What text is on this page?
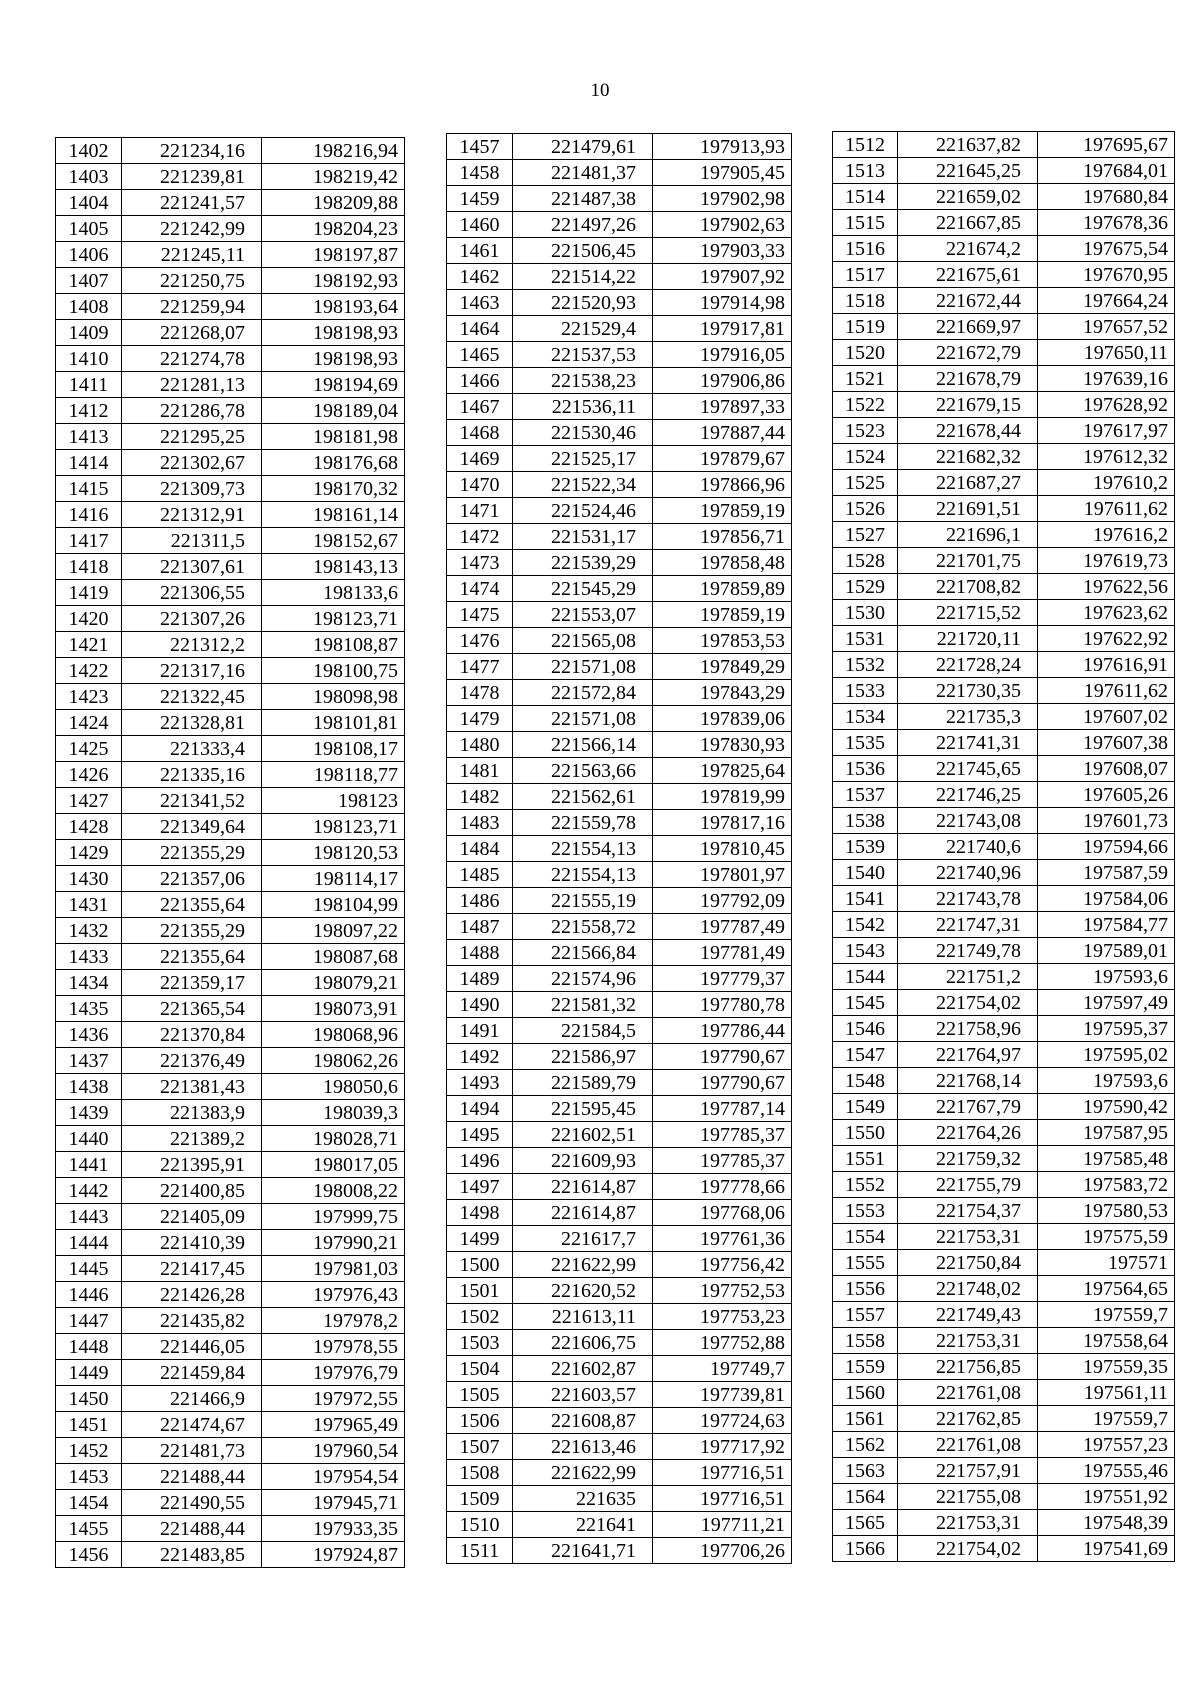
10
1402	221234,16	198216,94
1403	221239,81	198219,42
1404	221241,57	198209,88
1405	221242,99	198204,23
1406	221245,11	198197,87
1407	221250,75	198192,93
1408	221259,94	198193,64
1409	221268,07	198198,93
1410	221274,78	198198,93
1411	221281,13	198194,69
1412	221286,78	198189,04
1413	221295,25	198181,98
1414	221302,67	198176,68
1415	221309,73	198170,32
1416	221312,91	198161,14
1417	221311,5	198152,67
1418	221307,61	198143,13
1419	221306,55	198133,6
1420	221307,26	198123,71
1421	221312,2	198108,87
1422	221317,16	198100,75
1423	221322,45	198098,98
1424	221328,81	198101,81
1425	221333,4	198108,17
1426	221335,16	198118,77
1427	221341,52	198123
1428	221349,64	198123,71
1429	221355,29	198120,53
1430	221357,06	198114,17
1431	221355,64	198104,99
1432	221355,29	198097,22
1433	221355,64	198087,68
1434	221359,17	198079,21
1435	221365,54	198073,91
1436	221370,84	198068,96
1437	221376,49	198062,26
1438	221381,43	198050,6
1439	221383,9	198039,3
1440	221389,2	198028,71
1441	221395,91	198017,05
1442	221400,85	198008,22
1443	221405,09	197999,75
1444	221410,39	197990,21
1445	221417,45	197981,03
1446	221426,28	197976,43
1447	221435,82	197978,2
1448	221446,05	197978,55
1449	221459,84	197976,79
1450	221466,9	197972,55
1451	221474,67	197965,49
1452	221481,73	197960,54
1453	221488,44	197954,54
1454	221490,55	197945,71
1455	221488,44	197933,35
1456	221483,85	197924,87
1457	221479,61	197913,93
1458	221481,37	197905,45
1459	221487,38	197902,98
1460	221497,26	197902,63
1461	221506,45	197903,33
1462	221514,22	197907,92
1463	221520,93	197914,98
1464	221529,4	197917,81
1465	221537,53	197916,05
1466	221538,23	197906,86
1467	221536,11	197897,33
1468	221530,46	197887,44
1469	221525,17	197879,67
1470	221522,34	197866,96
1471	221524,46	197859,19
1472	221531,17	197856,71
1473	221539,29	197858,48
1474	221545,29	197859,89
1475	221553,07	197859,19
1476	221565,08	197853,53
1477	221571,08	197849,29
1478	221572,84	197843,29
1479	221571,08	197839,06
1480	221566,14	197830,93
1481	221563,66	197825,64
1482	221562,61	197819,99
1483	221559,78	197817,16
1484	221554,13	197810,45
1485	221554,13	197801,97
1486	221555,19	197792,09
1487	221558,72	197787,49
1488	221566,84	197781,49
1489	221574,96	197779,37
1490	221581,32	197780,78
1491	221584,5	197786,44
1492	221586,97	197790,67
1493	221589,79	197790,67
1494	221595,45	197787,14
1495	221602,51	197785,37
1496	221609,93	197785,37
1497	221614,87	197778,66
1498	221614,87	197768,06
1499	221617,7	197761,36
1500	221622,99	197756,42
1501	221620,52	197752,53
1502	221613,11	197753,23
1503	221606,75	197752,88
1504	221602,87	197749,7
1505	221603,57	197739,81
1506	221608,87	197724,63
1507	221613,46	197717,92
1508	221622,99	197716,51
1509	221635	197716,51
1510	221641	197711,21
1511	221641,71	197706,26
1512	221637,82	197695,67
1513	221645,25	197684,01
1514	221659,02	197680,84
1515	221667,85	197678,36
1516	221674,2	197675,54
1517	221675,61	197670,95
1518	221672,44	197664,24
1519	221669,97	197657,52
1520	221672,79	197650,11
1521	221678,79	197639,16
1522	221679,15	197628,92
1523	221678,44	197617,97
1524	221682,32	197612,32
1525	221687,27	197610,2
1526	221691,51	197611,62
1527	221696,1	197616,2
1528	221701,75	197619,73
1529	221708,82	197622,56
1530	221715,52	197623,62
1531	221720,11	197622,92
1532	221728,24	197616,91
1533	221730,35	197611,62
1534	221735,3	197607,02
1535	221741,31	197607,38
1536	221745,65	197608,07
1537	221746,25	197605,26
1538	221743,08	197601,73
1539	221740,6	197594,66
1540	221740,96	197587,59
1541	221743,78	197584,06
1542	221747,31	197584,77
1543	221749,78	197589,01
1544	221751,2	197593,6
1545	221754,02	197597,49
1546	221758,96	197595,37
1547	221764,97	197595,02
1548	221768,14	197593,6
1549	221767,79	197590,42
1550	221764,26	197587,95
1551	221759,32	197585,48
1552	221755,79	197583,72
1553	221754,37	197580,53
1554	221753,31	197575,59
1555	221750,84	197571
1556	221748,02	197564,65
1557	221749,43	197559,7
1558	221753,31	197558,64
1559	221756,85	197559,35
1560	221761,08	197561,11
1561	221762,85	197559,7
1562	221761,08	197557,23
1563	221757,91	197555,46
1564	221755,08	197551,92
1565	221753,31	197548,39
1566	221754,02	197541,69
